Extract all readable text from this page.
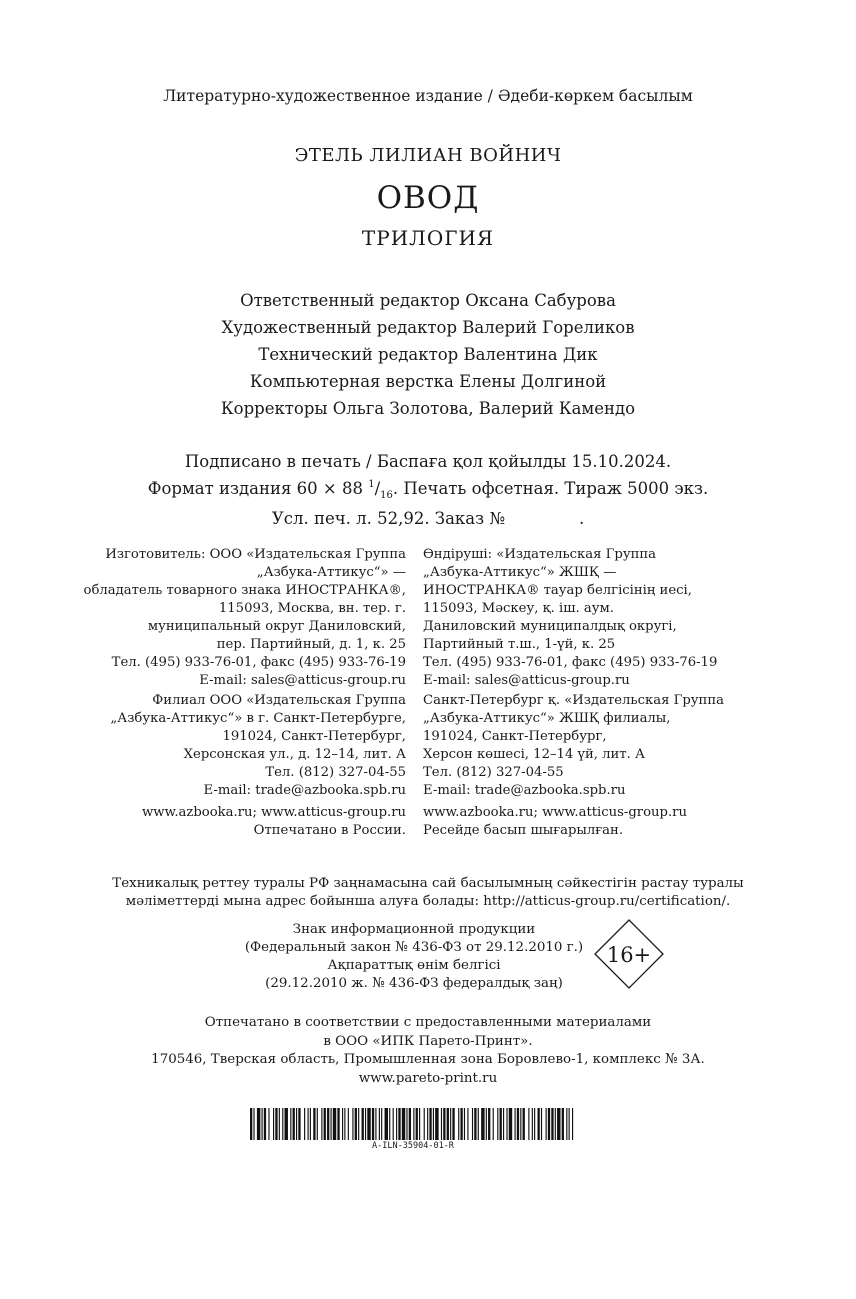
Литературно-художественное издание / Әдеби-көркем басылым
ЭТЕЛЬ ЛИЛИАН ВОЙНИЧ
ОВОД
ТРИЛОГИЯ
Ответственный редактор Оксана Сабурова
Художественный редактор Валерий Гореликов
Технический редактор Валентина Дик
Компьютерная верстка Елены Долгиной
Корректоры Ольга Золотова, Валерий Камендо
Подписано в печать / Баспаға қол қойылды 15.10.2024.
Формат издания 60 × 88 $^1/_{16}$. Печать офсетная. Тираж 5000 экз.
Усл. печ. л. 52,92. Заказ №	.
Изготовитель: ООО «Издательская Группа
„Азбука-Аттикус“» —
обладатель товарного знака ИНОСТРАНКА®,
115093, Москва, вн. тер. г.
муниципальный округ Даниловский,
пер. Партийный, д. 1, к. 25
Тел. (495) 933-76-01, факс (495) 933-76-19
E-mail: sales@atticus-group.ru
Өндіруші: «Издательская Группа
„Азбука-Аттикус“» ЖШҚ —
ИНОСТРАНКА® тауар белгісінің иесі,
115093, Мәскеу, қ. іш. аум.
Даниловский муниципалдық округі,
Партийный т.ш., 1-үй, к. 25
Тел. (495) 933-76-01, факс (495) 933-76-19
E-mail: sales@atticus-group.ru
Филиал ООО «Издательская Группа
„Азбука-Аттикус“» в г. Санкт-Петербурге,
191024, Санкт-Петербург,
Херсонская ул., д. 12–14, лит. А
Тел. (812) 327-04-55
E-mail: trade@azbooka.spb.ru
Санкт-Петербург қ. «Издательская Группа
„Азбука-Аттикус“» ЖШҚ филиалы,
191024, Санкт-Петербург,
Херсон көшесі, 12–14 үй, лит. А
Тел. (812) 327-04-55
E-mail: trade@azbooka.spb.ru
www.azbooka.ru; www.atticus-group.ru
Отпечатано в России.
www.azbooka.ru; www.atticus-group.ru
Ресейде басып шығарылған.
Техникалық реттеу туралы РФ заңнамасына сай басылымның сәйкестігін растау туралы
мәліметтерді мына адрес бойынша алуға болады: http://atticus-group.ru/certification/.
Знак информационной продукции
(Федеральный закон № 436-ФЗ от 29.12.2010 г.)
Ақпараттық өнім белгісі
(29.12.2010 ж. № 436-ФЗ федералдық заң)
16+
Отпечатано в соответствии с предоставленными материалами
в ООО «ИПК Парето-Принт».
170546, Тверская область, Промышленная зона Боровлево-1, комплекс № 3А.
www.pareto-print.ru
A-ILN-35904-01-R
